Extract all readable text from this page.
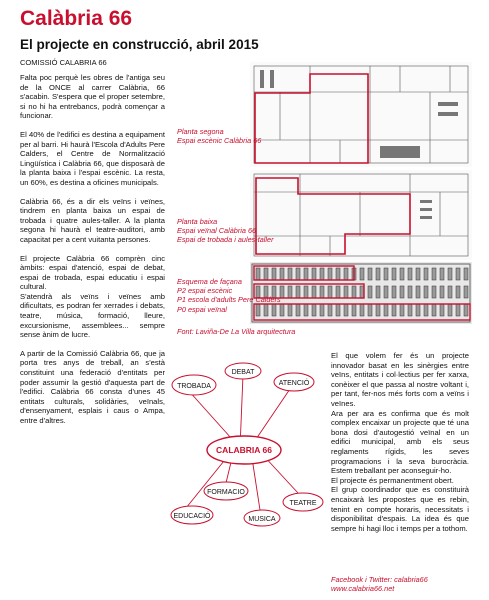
Calàbria 66
El projecte en construcció, abril 2015
COMISSIÓ CALABRIA 66

Falta poc perquè les obres de l'antiga seu de la ONCE al carrer Calàbria, 66 s'acabin. S'espera que el proper setembre, si no hi ha entrebancs, podrà començar a funcionar.

El 40% de l'edifici es destina a equipament per al barri. Hi haurà l'Escola d'Adults Pere Calders, el Centre de Normalització Lingüística i Calàbria 66, que disposarà de la planta baixa i l'espai escènic. La resta, un 60%, es destina a oficines municipals.

Calàbria 66, és a dir els veïns i veïnes, tindrem en planta baixa un espai de trobada i quatre aules-taller. A la planta segona hi haurà el teatre-auditori, amb capacitat per a cent vuitanta persones.

El projecte Calàbria 66 comprèn cinc àmbits: espai d'atenció, espai de debat, espai de trobada, espai educatiu i espai cultural.

S'atendrà als veïns i veïnes amb dificultats, es podran fer xerrades i debats, teatre, música, formació, lleure, excursionisme, assemblees... sempre sense ànim de lucre.

A partir de la Comissió Calàbria 66, que ja porta tres anys de treball, an s'està constituint una federació d'entitats per poder assumir la gestió d'aquesta part de l'edifici. Calàbria 66 consta d'unes 45 entitats culturals, solidàries, veïnals, d'ensenyament, esplais i caus o Ampa, entre d'altres.

Planta segona
Espai escènic Calàbria 66
Planta baixa
Espai veïnal Calàbria 66
Espai de trobada i aules-taller
Esquema de façana
P2 espai escènic
P1 escola d'adults Pere Calders
P0 espai veïnal
Font: Laviña-De La Villa arquitectura
CALABRIA 66
TROBADA
DEBAT
ATENCIÓ
FORMACIO
EDUCACIÓ	MUSICA
TEATRE

El que volem fer és un projecte innovador basat en les sinèrgies entre veïns, entitats i col·lectius per fer xarxa, conèixer el que passa al nostre voltant i, per tant, fer-nos més forts com a veïns i veïnes.

Ara per ara es confirma que és molt complex encaixar un projecte que té una bona dosi d'autogestió veïnal en un edifici municipal, amb els seus reglaments rígids, les seves programacions i la seva burocràcia. Estem treballant per aconseguir-ho.

El projecte és permanentment obert.

El grup coordinador que es constituirà encaixarà les propostes que es rebin, tenint en compte horaris, necessitats i disponibilitat d'espais. La idea és que sempre hi hagi lloc i temps per a tothom.

Facebook i Twitter: calabria66
www.calabria66.net
